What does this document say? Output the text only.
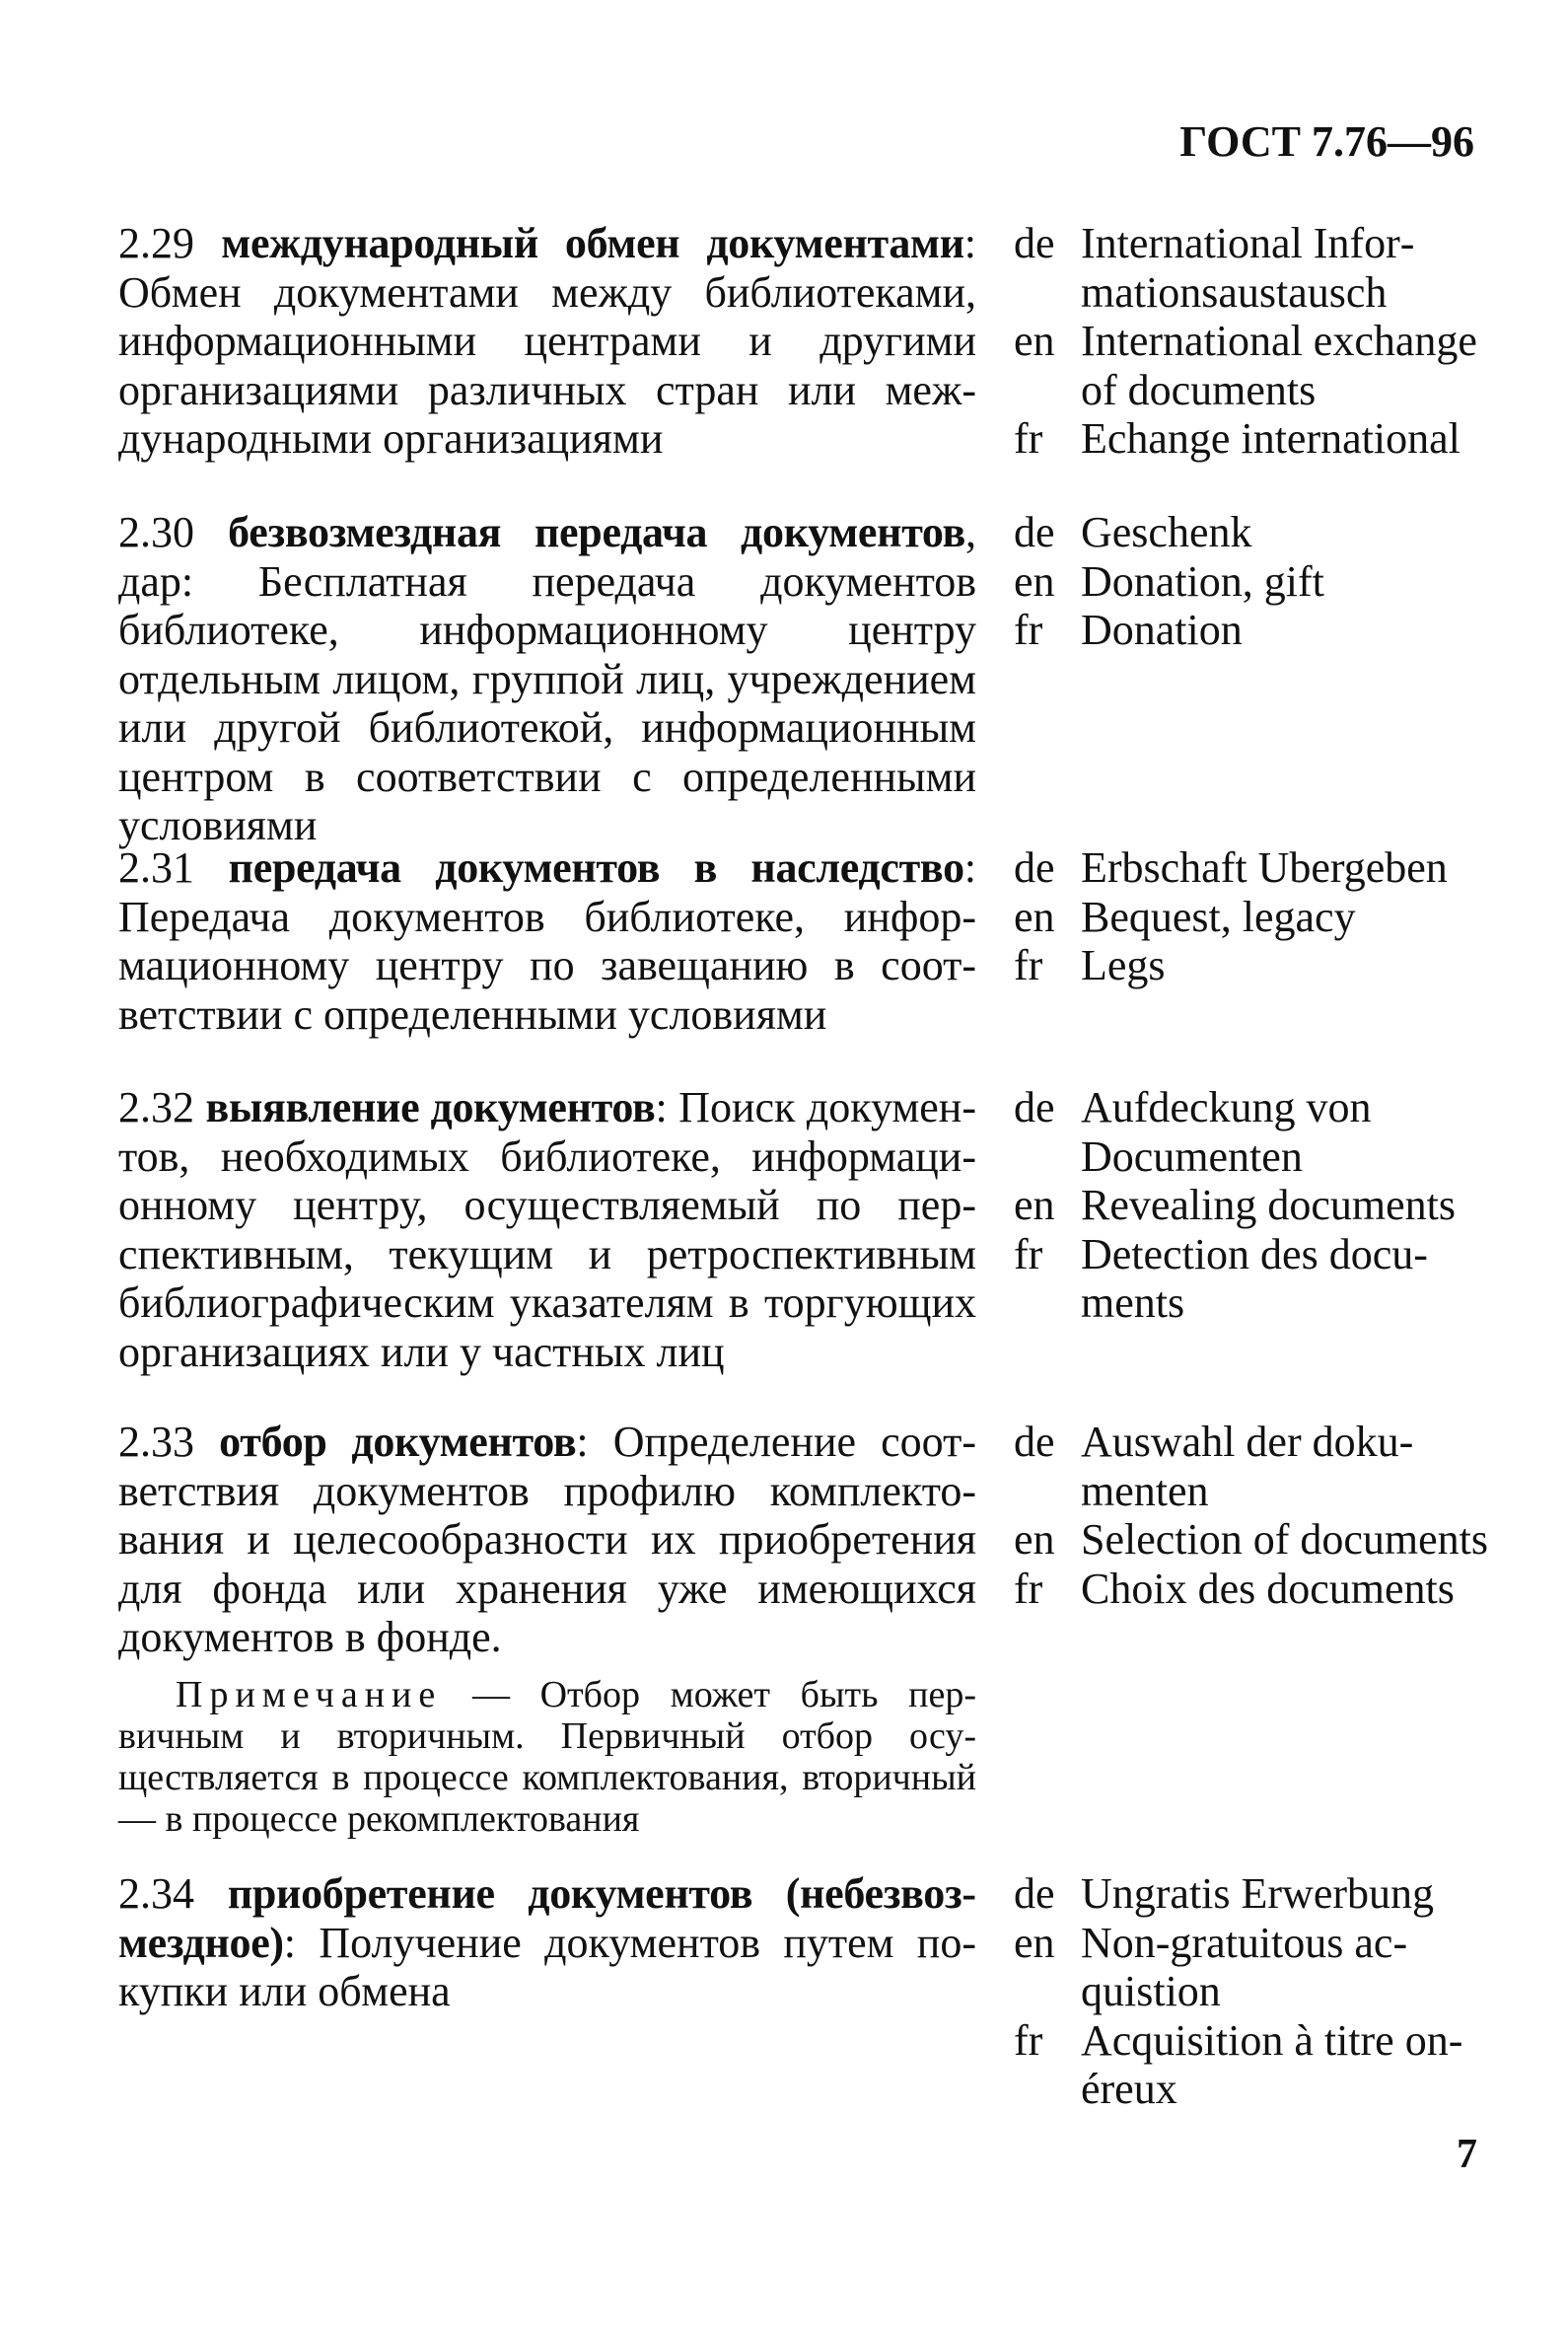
ГОСТ 7.76—96
2.29 международный обмен документами: Обмен документами между библиотеками, информационными центрами и другими организациями различных стран или международными организациями
de International Informationsaustausch
en International exchange of documents
fr Echange international
2.30 безвозмездная передача документов, дар: Бесплатная передача документов библиотеке, информационному центру отдельным лицом, группой лиц, учреждением или другой библиотекой, информационным центром в соответствии с определенными условиями
de Geschenk
en Donation, gift
fr Donation
2.31 передача документов в наследство: Передача документов библиотеке, информационному центру по завещанию в соответствии с определенными условиями
de Erbschaft Ubergeben
en Bequest, legacy
fr Legs
2.32 выявление документов: Поиск документов, необходимых библиотеке, информационному центру, осуществляемый по перспективным, текущим и ретроспективным библиографическим указателям в торгующих организациях или у частных лиц
de Aufdeckung von Documenten
en Revealing documents
fr Detection des documents
2.33 отбор документов: Определение соответствия документов профилю комплектования и целесообразности их приобретения для фонда или хранения уже имеющихся документов в фонде.
Примечание — Отбор может быть первичным и вторичным. Первичный отбор осуществляется в процессе комплектования, вторичный — в процессе рекомплектования
de Auswahl der dokumenten
en Selection of documents
fr Choix des documents
2.34 приобретение документов (небезвозмездное): Получение документов путем покупки или обмена
de Ungratis Erwerbung
en Non-gratuitous acquistion
fr Acquisition à titre onéreux
7
